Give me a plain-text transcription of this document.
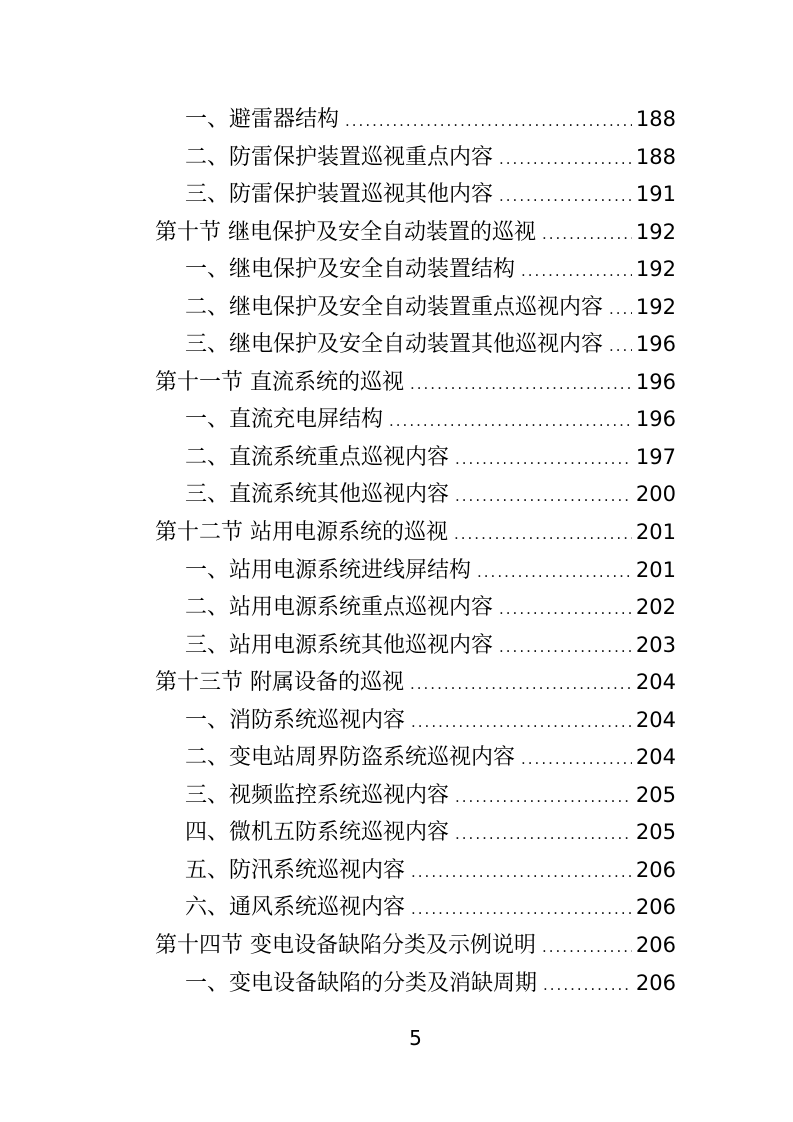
一、避雷器结构 .....	188
二、防雷保护装置巡视重点内容 .....	188
三、防雷保护装置巡视其他内容 .....	191
第十节 继电保护及安全自动装置的巡视 .....	192
一、继电保护及安全自动装置结构 .....	192
二、继电保护及安全自动装置重点巡视内容 ..... 192
三、继电保护及安全自动装置其他巡视内容 ..... 196
第十一节 直流系统的巡视 .....	196
一、直流充电屏结构 .....	196
二、直流系统重点巡视内容 .....	197
三、直流系统其他巡视内容 .....	200
第十二节 站用电源系统的巡视 .....	201
一、站用电源系统进线屏结构 .....	201
二、站用电源系统重点巡视内容 .....	202
三、站用电源系统其他巡视内容 .....	203
第十三节 附属设备的巡视 .....	204
一、消防系统巡视内容 .....	204
二、变电站周界防盗系统巡视内容 .....	204
三、视频监控系统巡视内容 .....	205
四、微机五防系统巡视内容 .....	205
五、防汛系统巡视内容 .....	206
六、通风系统巡视内容 .....	206
第十四节 变电设备缺陷分类及示例说明 .....	206
一、变电设备缺陷的分类及消缺周期 .....	206
5
